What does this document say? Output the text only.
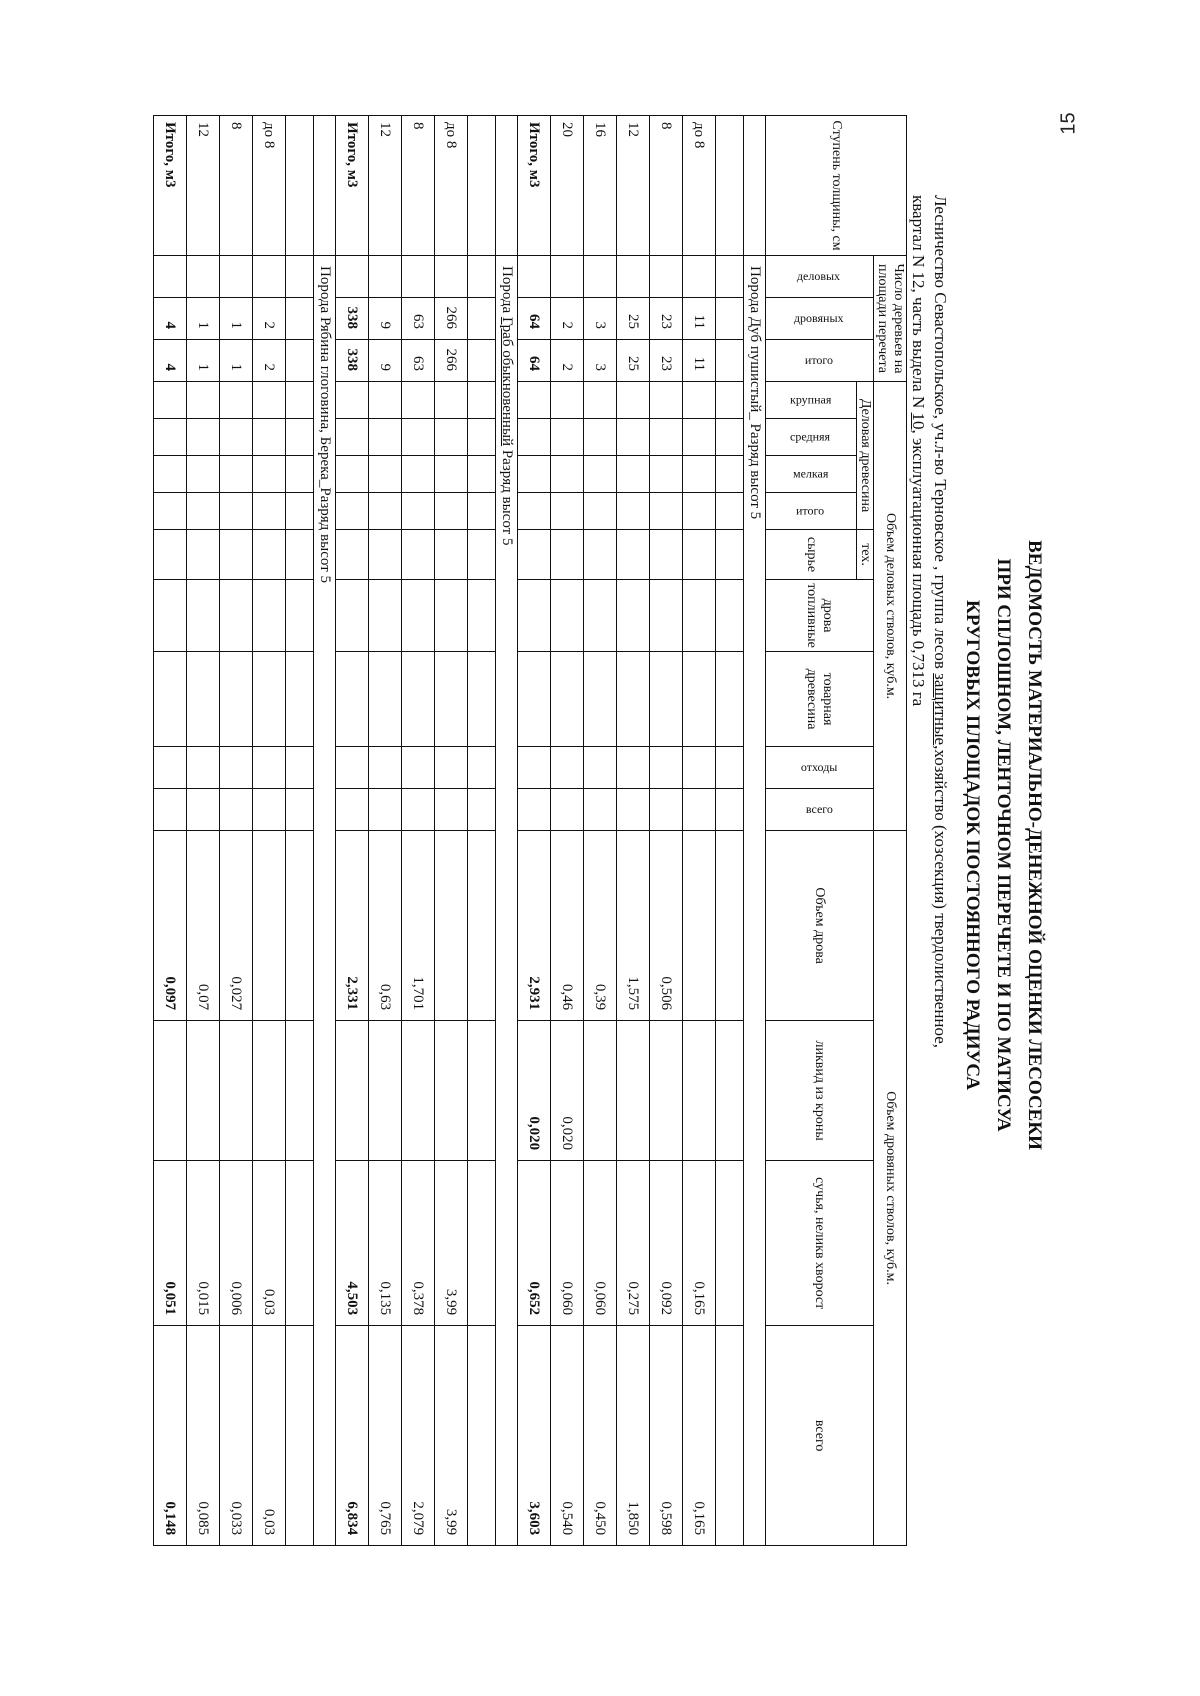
15
ВЕДОМОСТЬ МАТЕРИАЛЬНО-ДЕНЕЖНОЙ ОЦЕНКИ ЛЕСОСЕКИ
ПРИ СПЛОШНОМ, ЛЕНТОЧНОМ ПЕРЕЧЕТЕ И ПО МАТИСУА
КРУГОВЫХ ПЛОЩАДОК ПОСТОЯННОГО РАДИУСА
Лесничество Севастопольское, уч.л-во Терновское , группа лесов защитные,хозяйство (хозсекция) твердолиственное,
квартал N 12, часть выдела N 10, эксплуатационная площадь 0,7313 га
Ступень толщины, см	Число деревьев на площади перечета			Объем деловых стволов, куб.м.									Объем дровяных стволов, куб.м.			
	деловых	дровяных	итого	Деловая древесина				тех.	дрова топливные	товарная древесина	отходы	всего	Объем дрова	ликвид из кроны	сучья, неликв хворост	всего
				крупная	средняя	мелкая	итого	сырье								

	Порода Дуб пушистый_ Разряд высот 5															

до 8		11	11												0,165	0,165
8		23	23										0,506		0,092	0,598
12		25	25										1,575		0,275	1,850
16		3	3										0,39		0,060	0,450
20		2	2										0,46	0,020	0,060	0,540
Итого, м3		64	64										2,931	0,020	0,652	3,603
	Порода Граб обыкновенный Разряд высот 5															

до 8		266	266												3,99	3,99
8		63	63										1,701		0,378	2,079
12		9	9										0,63		0,135	0,765
Итого, м3		338	338										2,331		4,503	6,834
	Порода Рябина глоговина, Берека_Разряд высот 5															

до 8		2	2												0,03	0,03
8		1	1										0,027		0,006	0,033
12		1	1										0,07		0,015	0,085
Итого, м3		4	4										0,097		0,051	0,148
